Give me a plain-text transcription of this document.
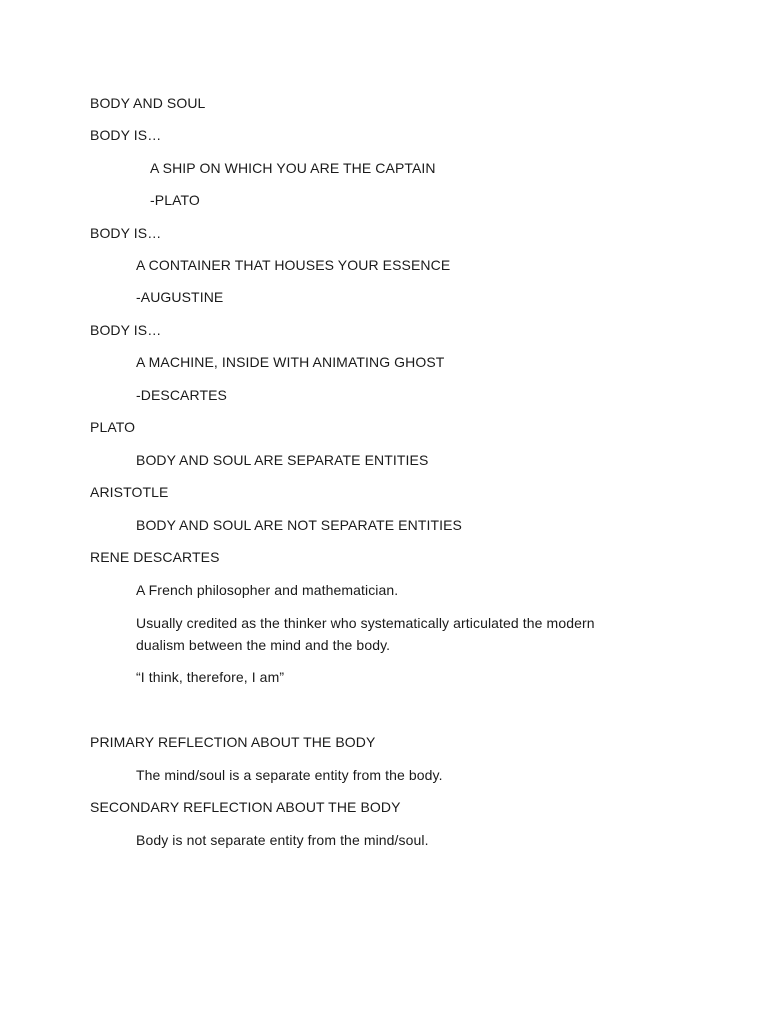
BODY AND SOUL
BODY IS…
A SHIP ON WHICH YOU ARE THE CAPTAIN
-PLATO
BODY IS…
A CONTAINER THAT HOUSES YOUR ESSENCE
-AUGUSTINE
BODY IS…
A MACHINE, INSIDE WITH ANIMATING GHOST
-DESCARTES
PLATO
BODY AND SOUL ARE SEPARATE ENTITIES
ARISTOTLE
BODY AND SOUL ARE NOT SEPARATE ENTITIES
RENE DESCARTES
A French philosopher and mathematician.
Usually credited as the thinker who systematically articulated the modern dualism between the mind and the body.
“I think, therefore, I am”
PRIMARY REFLECTION ABOUT THE BODY
The mind/soul is a separate entity from the body.
SECONDARY REFLECTION ABOUT THE BODY
Body is not separate entity from the mind/soul.
